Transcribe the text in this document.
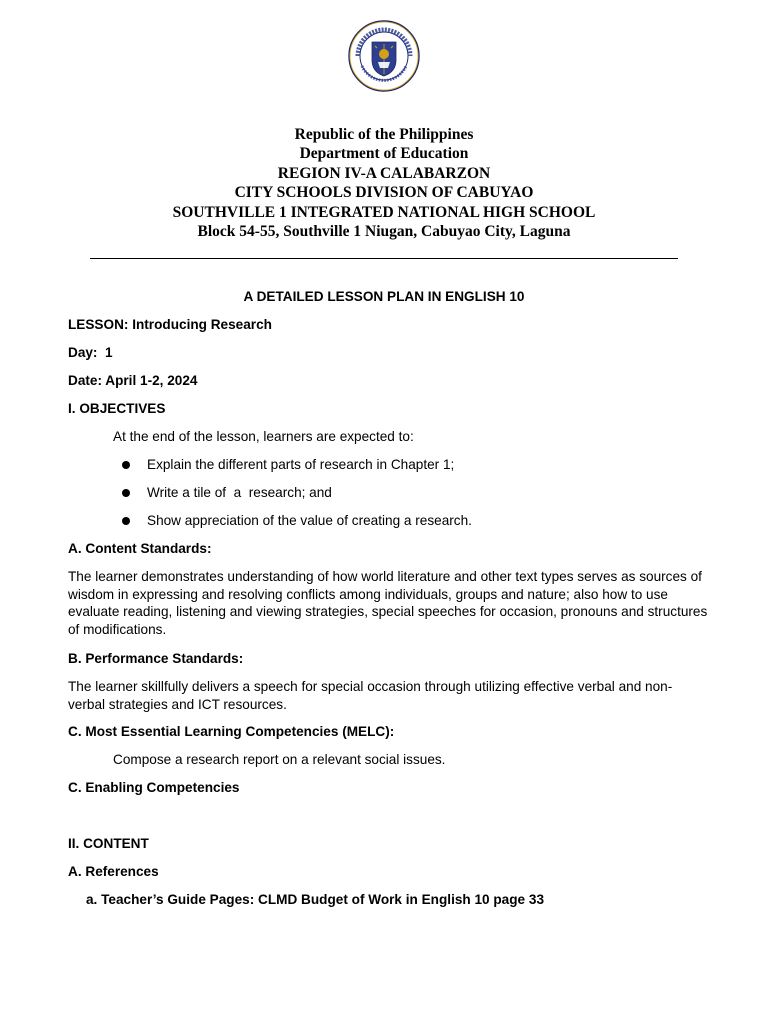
Republic of the Philippines
Department of Education
REGION IV-A CALABARZON
CITY SCHOOLS DIVISION OF CABUYAO
SOUTHVILLE 1 INTEGRATED NATIONAL HIGH SCHOOL
Block 54-55, Southville 1 Niugan, Cabuyao City, Laguna
A DETAILED LESSON PLAN IN ENGLISH 10
LESSON: Introducing Research
Day:  1
Date: April 1-2, 2024
I. OBJECTIVES
At the end of the lesson, learners are expected to:
Explain the different parts of research in Chapter 1;
Write a tile of  a  research; and
Show appreciation of the value of creating a research.
A. Content Standards:
The learner demonstrates understanding of how world literature and other text types serves as sources of wisdom in expressing and resolving conflicts among individuals, groups and nature; also how to use evaluate reading, listening and viewing strategies, special speeches for occasion, pronouns and structures of modifications.
B. Performance Standards:
The learner skillfully delivers a speech for special occasion through utilizing effective verbal and non-verbal strategies and ICT resources.
C. Most Essential Learning Competencies (MELC):
Compose a research report on a relevant social issues.
C. Enabling Competencies
II. CONTENT
A. References
a. Teacher’s Guide Pages: CLMD Budget of Work in English 10 page 33
